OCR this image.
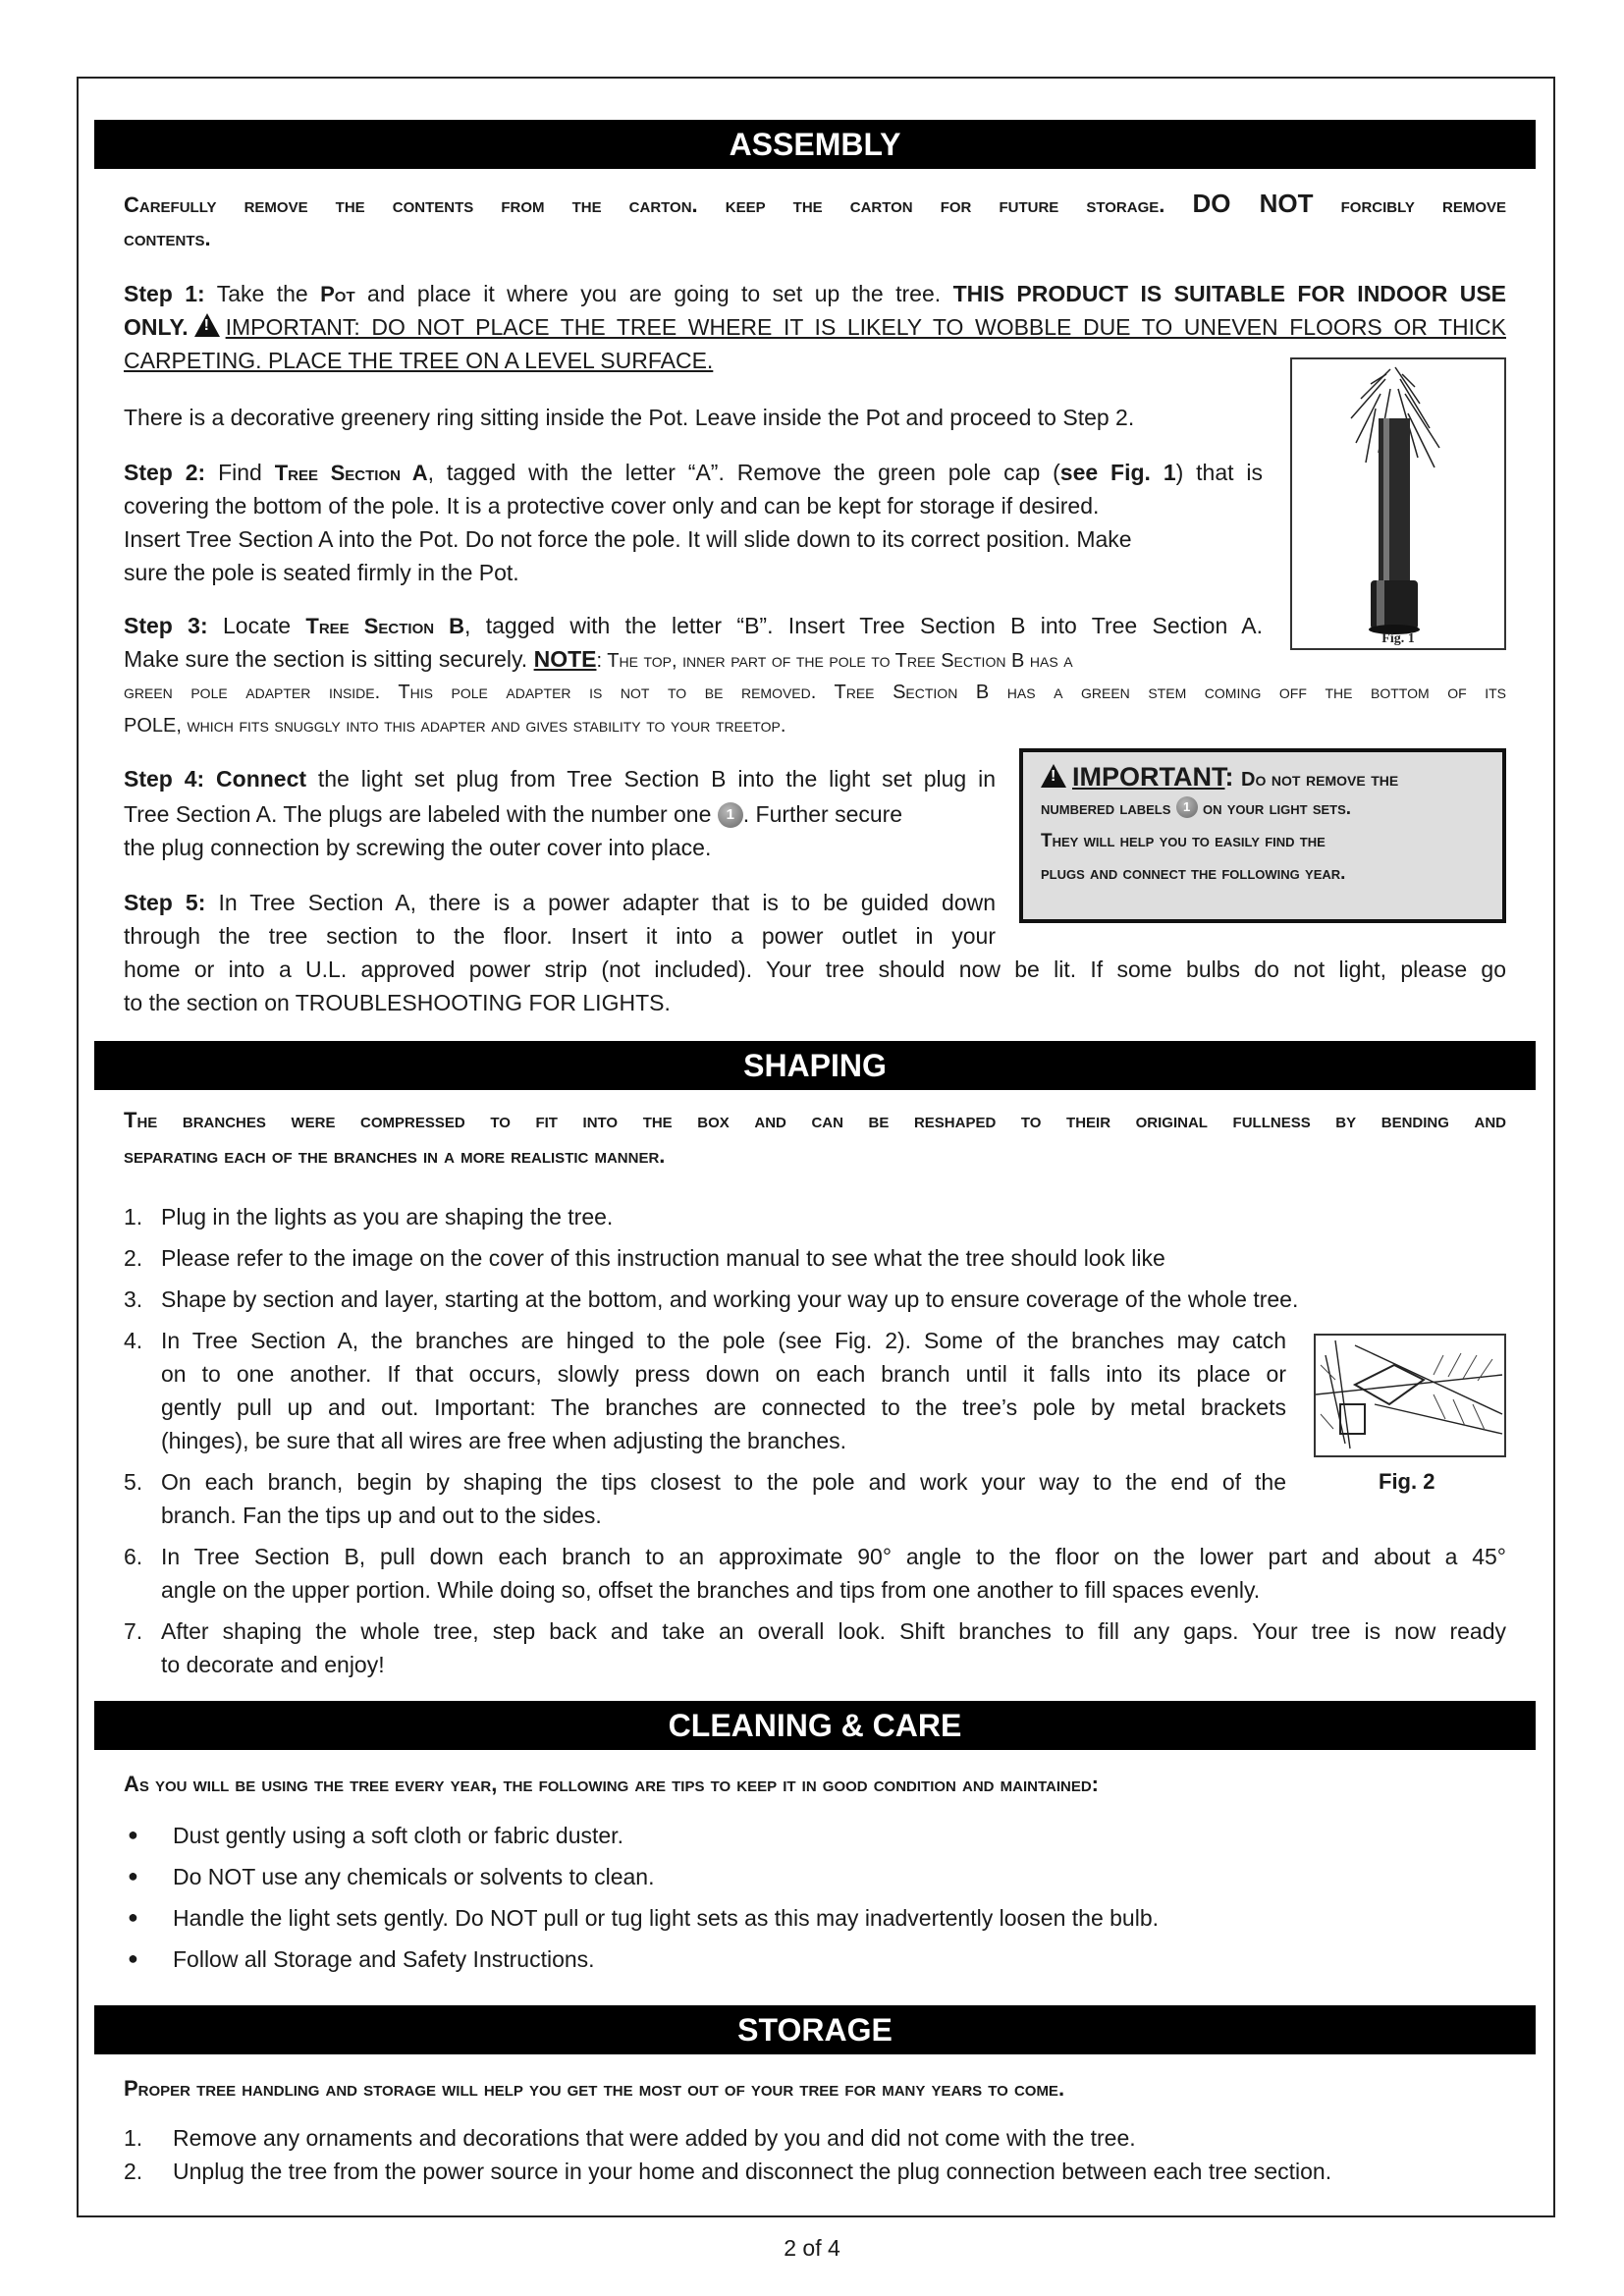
ASSEMBLY
Carefully remove the contents from the carton. keep the carton for future storage. DO NOT forcibly remove
contents.
Step 1: Take the Pot and place it where you are going to set up the tree. THIS PRODUCT IS SUITABLE FOR INDOOR USE
ONLY. ! IMPORTANT: DO NOT PLACE THE TREE WHERE IT IS LIKELY TO WOBBLE DUE TO UNEVEN FLOORS OR THICK
CARPETING. PLACE THE TREE ON A LEVEL SURFACE.
There is a decorative greenery ring sitting inside the Pot. Leave inside the Pot and proceed to Step 2.
Step 2: Find Tree Section A, tagged with the letter “A”. Remove the green pole cap (see Fig. 1) that is
covering the bottom of the pole. It is a protective cover only and can be kept for storage if desired.
Insert Tree Section A into the Pot. Do not force the pole. It will slide down to its correct position. Make
sure the pole is seated firmly in the Pot.
Step 3: Locate Tree Section B, tagged with the letter “B”. Insert Tree Section B into Tree Section A.
Make sure the section is sitting securely. NOTE: The top, inner part of the pole to Tree Section B has a
green pole adapter inside. This pole adapter is not to be removed. Tree Section B has a green stem coming off the bottom of its
POLE, which fits snuggly into this adapter and gives stability to your treetop.
Step 4: Connect the light set plug from Tree Section B into the light set plug in
Tree Section A. The plugs are labeled with the number one 1 . Further secure
the plug connection by screwing the outer cover into place.
Step 5: In Tree Section A, there is a power adapter that is to be guided down
through the tree section to the floor. Insert it into a power outlet in your
home or into a U.L. approved power strip (not included). Your tree should now be lit. If some bulbs do not light, please go
to the section on TROUBLESHOOTING FOR LIGHTS.
! IMPORTANT: Do not remove the
numbered labels 1 on your light sets.
They will help you to easily find the
plugs and connect the following year.
Fig. 1
SHAPING
The branches were compressed to fit into the box and can be reshaped to their original fullness by bending and
separating each of the branches in a more realistic manner.
1. Plug in the lights as you are shaping the tree.
2. Please refer to the image on the cover of this instruction manual to see what the tree should look like
3. Shape by section and layer, starting at the bottom, and working your way up to ensure coverage of the whole tree.
4. In Tree Section A, the branches are hinged to the pole (see Fig. 2). Some of the branches may catch
on to one another. If that occurs, slowly press down on each branch until it falls into its place or
gently pull up and out. Important: The branches are connected to the tree’s pole by metal brackets
(hinges), be sure that all wires are free when adjusting the branches.
5. On each branch, begin by shaping the tips closest to the pole and work your way to the end of the
branch. Fan the tips up and out to the sides.
6. In Tree Section B, pull down each branch to an approximate 90° angle to the floor on the lower part and about a 45°
angle on the upper portion. While doing so, offset the branches and tips from one another to fill spaces evenly.
7. After shaping the whole tree, step back and take an overall look. Shift branches to fill any gaps. Your tree is now ready
to decorate and enjoy!
Fig. 2
CLEANING & CARE
As you will be using the tree every year, the following are tips to keep it in good condition and maintained:
● Dust gently using a soft cloth or fabric duster.
● Do NOT use any chemicals or solvents to clean.
● Handle the light sets gently. Do NOT pull or tug light sets as this may inadvertently loosen the bulb.
● Follow all Storage and Safety Instructions.
STORAGE
Proper tree handling and storage will help you get the most out of your tree for many years to come.
1. Remove any ornaments and decorations that were added by you and did not come with the tree.
2. Unplug the tree from the power source in your home and disconnect the plug connection between each tree section.
2 of 4
